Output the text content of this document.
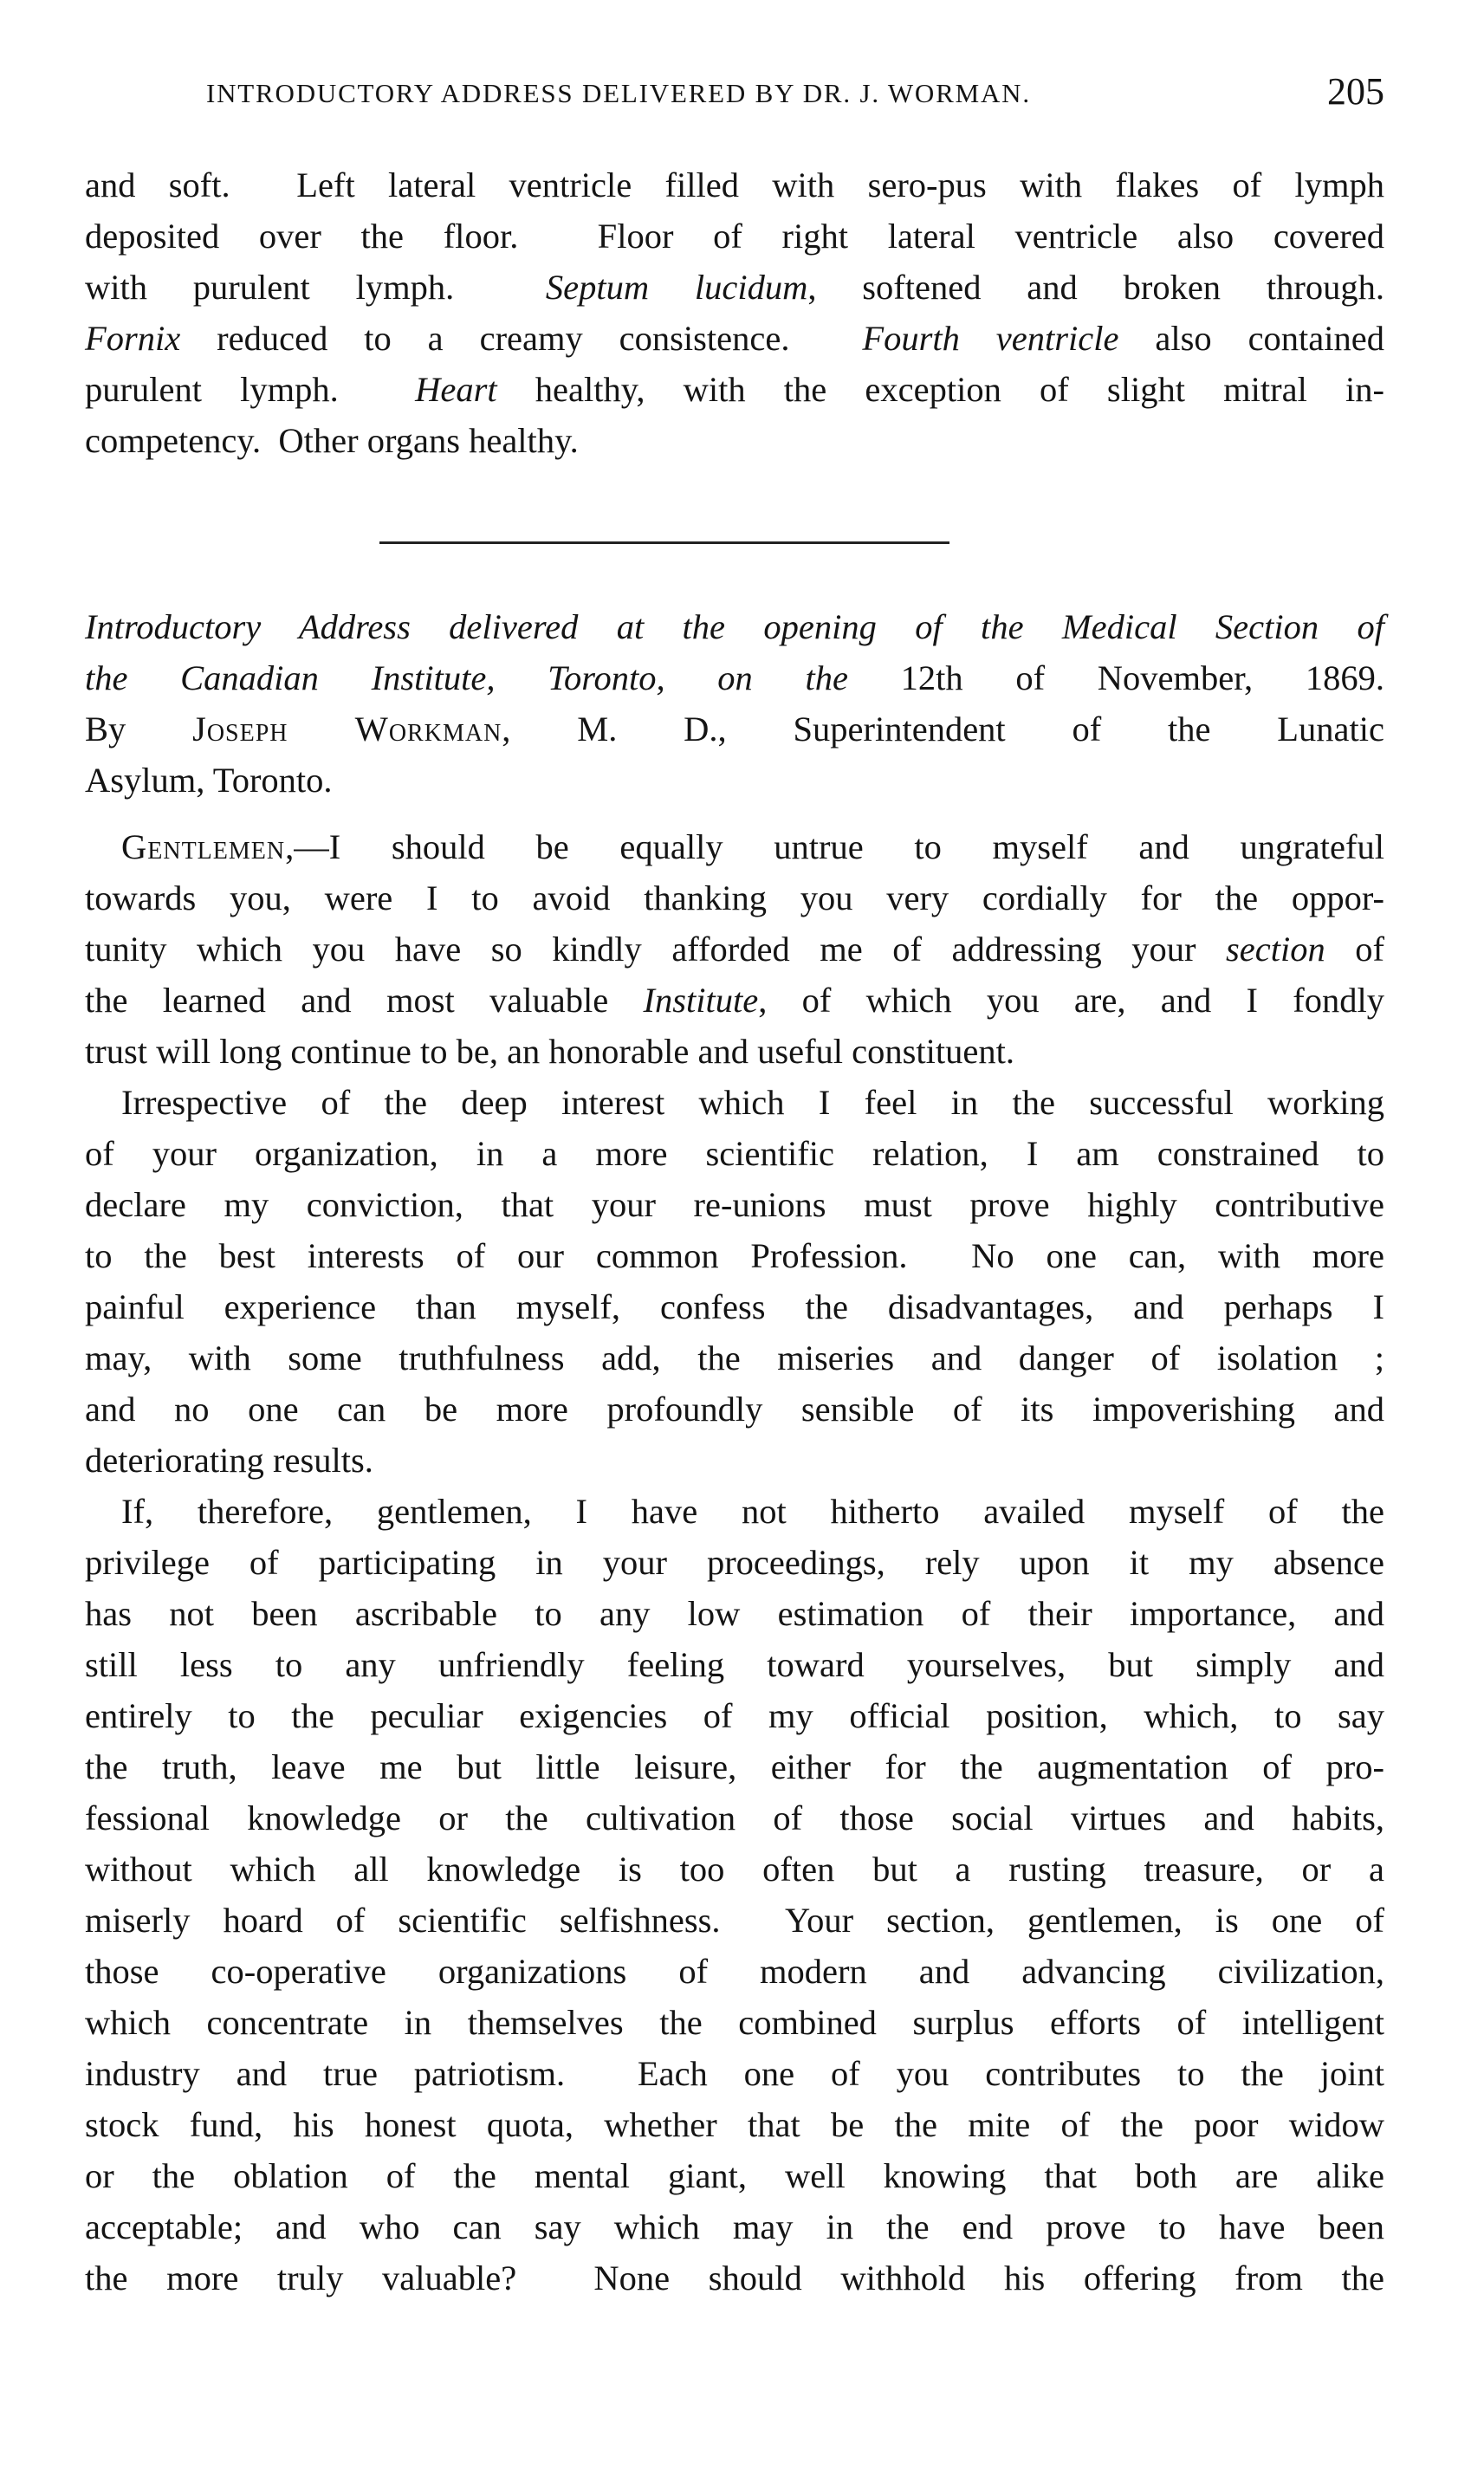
INTRODUCTORY ADDRESS DELIVERED BY DR. J. WORMAN.	205

and soft.  Left lateral ventricle filled with sero-pus with flakes of lymph
deposited over the floor.  Floor of right lateral ventricle also covered
with purulent lymph.  Septum lucidum, softened and broken through.
Fornix reduced to a creamy consistence.  Fourth ventricle also contained
purulent lymph.  Heart healthy, with the exception of slight mitral in-
competency.  Other organs healthy.

Introductory Address delivered at the opening of the Medical Section of
the Canadian Institute, Toronto, on the 12th of November, 1869.
By Joseph Workman, M. D., Superintendent of the Lunatic
Asylum, Toronto.

Gentlemen,—I should be equally untrue to myself and ungrateful
towards you, were I to avoid thanking you very cordially for the oppor-
tunity which you have so kindly afforded me of addressing your section of
the learned and most valuable Institute, of which you are, and I fondly
trust will long continue to be, an honorable and useful constituent.

Irrespective of the deep interest which I feel in the successful working
of your organization, in a more scientific relation, I am constrained to
declare my conviction, that your re-unions must prove highly contributive
to the best interests of our common Profession.  No one can, with more
painful experience than myself, confess the disadvantages, and perhaps I
may, with some truthfulness add, the miseries and danger of isolation ;
and no one can be more profoundly sensible of its impoverishing and
deteriorating results.

If, therefore, gentlemen, I have not hitherto availed myself of the
privilege of participating in your proceedings, rely upon it my absence
has not been ascribable to any low estimation of their importance, and
still less to any unfriendly feeling toward yourselves, but simply and
entirely to the peculiar exigencies of my official position, which, to say
the truth, leave me but little leisure, either for the augmentation of pro-
fessional knowledge or the cultivation of those social virtues and habits,
without which all knowledge is too often but a rusting treasure, or a
miserly hoard of scientific selfishness.  Your section, gentlemen, is one of
those co-operative organizations of modern and advancing civilization,
which concentrate in themselves the combined surplus efforts of intelligent
industry and true patriotism.  Each one of you contributes to the joint
stock fund, his honest quota, whether that be the mite of the poor widow
or the oblation of the mental giant, well knowing that both are alike
acceptable; and who can say which may in the end prove to have been
the more truly valuable?  None should withhold his offering from the
